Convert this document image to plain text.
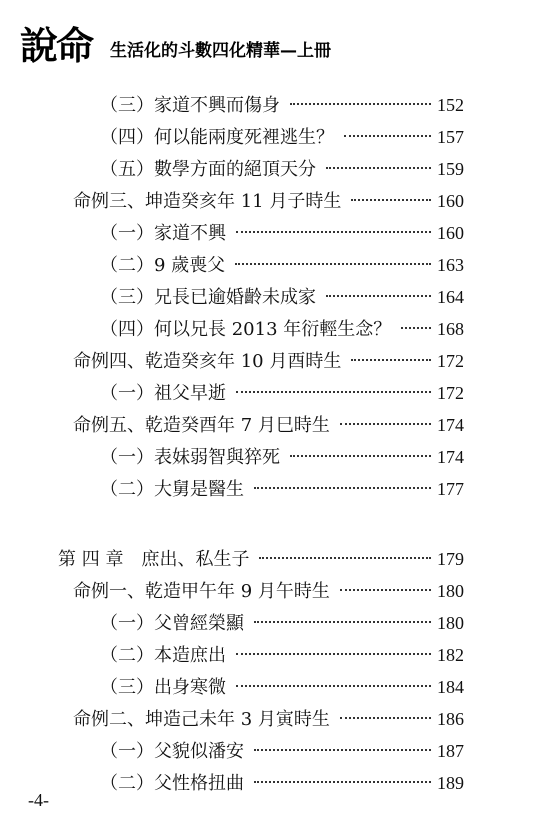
說命 生活化的斗數四化精華—上冊
（三）家道不興而傷身	152
（四）何以能兩度死裡逃生？	157
（五）數學方面的絕頂天分	159
命例三、坤造癸亥年 11 月子時生	160
（一）家道不興	160
（二）9 歲喪父	163
（三）兄長已逾婚齡未成家	164
（四）何以兄長 2013 年衍輕生念？	168
命例四、乾造癸亥年 10 月酉時生	172
（一）祖父早逝	172
命例五、乾造癸酉年 7 月巳時生	174
（一）表妹弱智與猝死	174
（二）大舅是醫生	177
第 四 章　庶出、私生子	179
命例一、乾造甲午年 9 月午時生	180
（一）父曾經榮顯	180
（二）本造庶出	182
（三）出身寒微	184
命例二、坤造己未年 3 月寅時生	186
（一）父貌似潘安	187
（二）父性格扭曲	189
-4-
